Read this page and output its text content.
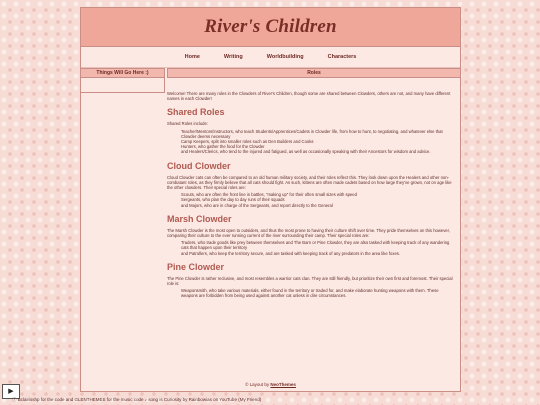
River's Children
Home	Writing	Worldbuilding	Characters
Things Will Go Here :)	Roles

Welcome! There are many roles in the Clowders of River's Children, though some are shared between Clowders, others are not, and many have different names in each Clowder!

Shared Roles

Shared Roles include:

Teacher/Mentors/Instructors, who teach Students/Apprentices/Cadets in Clowder life, from how to hunt, to negotiating, and whatever else that Clowder deems necessary
Camp Keepers, split into smaller roles such as Den Builders and Cooks
Hunters, who gather the food for the Clowder
and Healers/Clerics, who tend to the injured and fatigued, as well as occasionally speaking with their Ancestors for wisdom and advice.
Cloud Clowder

Cloud Clowder cats can often be compared to an old human military society, and their roles reflect this. They look down upon the Healers and other non-combatant roles, as they firmly believe that all cats should fight. As such, kittens are often made cadets based on how large they've grown, not on age like the other clowders. Their special roles are:

Scouts, who are often the front line in battles, "making up" for their often small sizes with speed
Sergeants, who plan the day to day runs of their squads
and Majors, who are in charge of the Sergeants, and report directly to the General
Marsh Clowder

The Marsh Clowder is the most open to outsiders, and thus the most prone to having their culture shift over time. They pride themselves on this however, comparing their culture to the ever running current of the river surrounding their camp. Their special roles are:

Traders, who trade goods like prey between themselves and The Barn or Pine Clowder, they are also tasked with keeping track of any wandering cats that happen upon their territory
and Patrollers, who keep the territory secure, and are tasked with keeping track of any predators in the area like foxes.
Pine Clowder

The Pine Clowder is rather reclusive, and most resembles a warrior cats clan. They are still friendly, but prioritize their own first and foremost. Their special role is:

Weaponsmith, who take various materials, either found in the territory or traded for, and make elaborate hunting weapons with them. These weapons are forbidden from being used against another cat unless in dire circumstances.
© Layout by NeoThemes
▶
ⓘ Bclairisshp for the code and GLENTHEMES for the music code ♪ song is Curiosity by Rainbowias on YouTube (My Friend)
